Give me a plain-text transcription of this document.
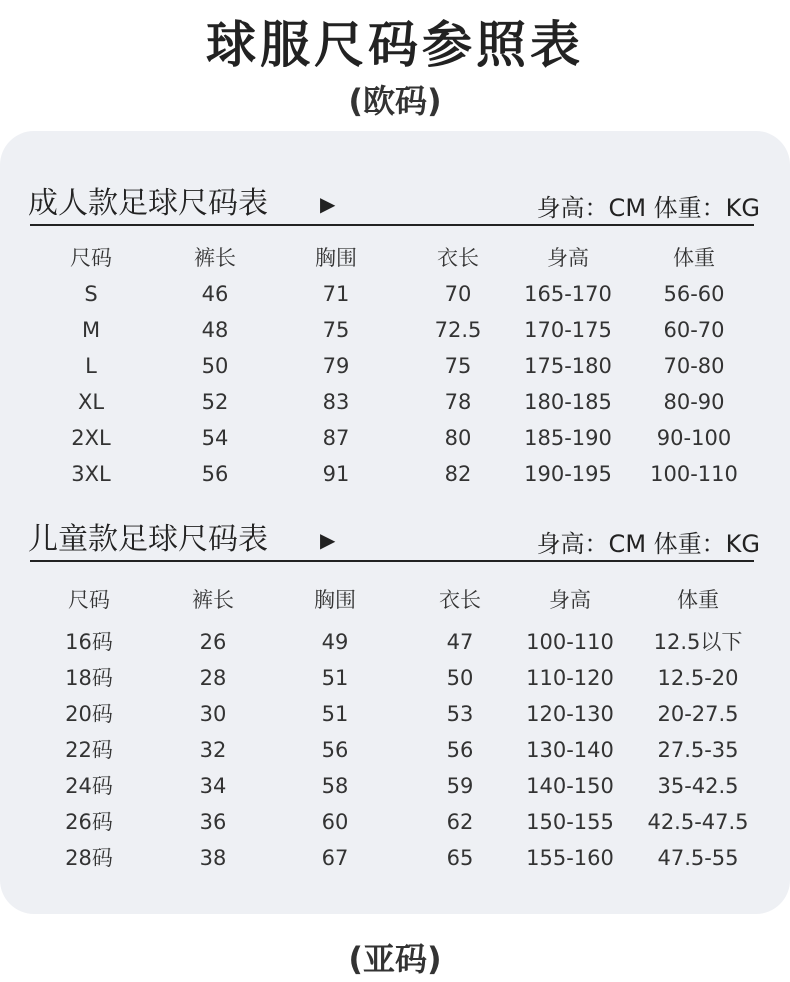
球服尺码参照表
(欧码)
成人款足球尺码表	▶	身高：CM 体重：KG
尺码	裤长	胸围	衣长	身高	体重
S	46	71	70	165-170	56-60
M	48	75	72.5	170-175	60-70
L	50	79	75	175-180	70-80
XL	52	83	78	180-185	80-90
2XL	54	87	80	185-190	90-100
3XL	56	91	82	190-195	100-110
儿童款足球尺码表	▶	身高：CM 体重：KG
尺码	裤长	胸围	衣长	身高	体重
16码	26	49	47	100-110	12.5以下
18码	28	51	50	110-120	12.5-20
20码	30	51	53	120-130	20-27.5
22码	32	56	56	130-140	27.5-35
24码	34	58	59	140-150	35-42.5
26码	36	60	62	150-155	42.5-47.5
28码	38	67	65	155-160	47.5-55
(亚码)
